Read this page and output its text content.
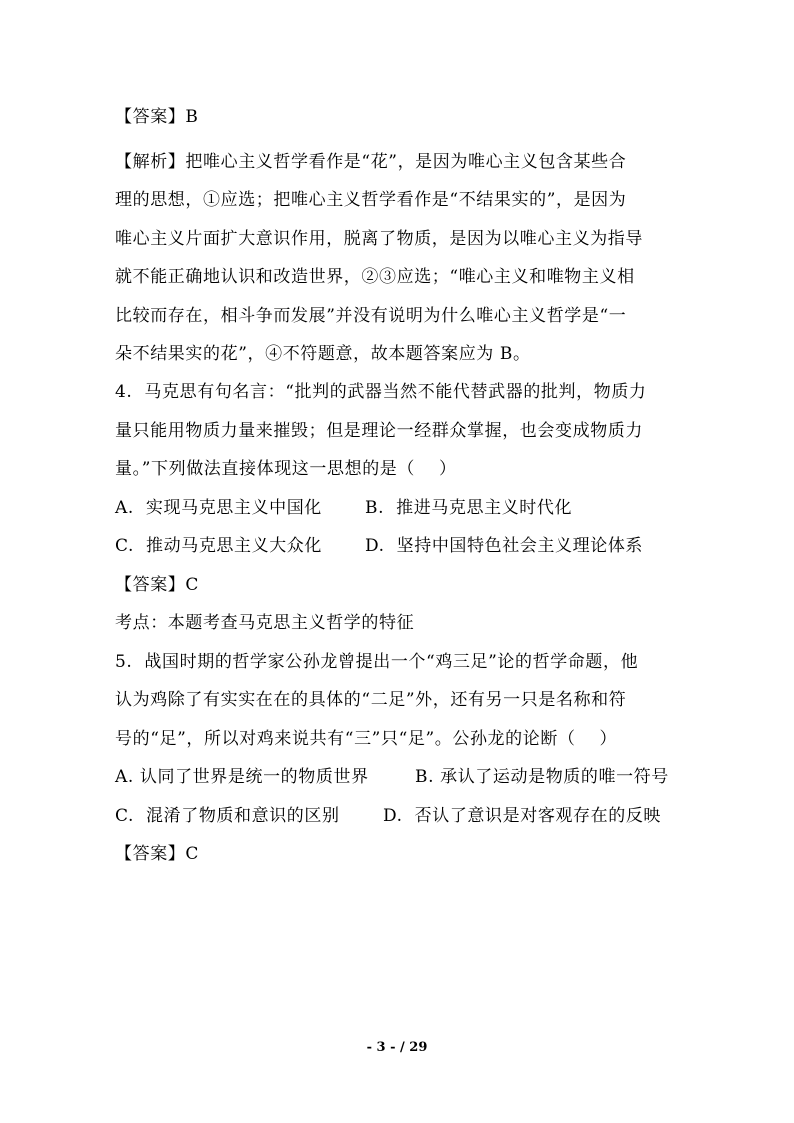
【答案】B
【解析】把唯心主义哲学看作是“花”，是因为唯心主义包含某些合
理的思想，①应选；把唯心主义哲学看作是“不结果实的”，是因为
唯心主义片面扩大意识作用，脱离了物质，是因为以唯心主义为指导
就不能正确地认识和改造世界，②③应选；“唯心主义和唯物主义相
比较而存在，相斗争而发展”并没有说明为什么唯心主义哲学是“一
朵不结果实的花”，④不符题意，故本题答案应为 B。
4.  马克思有句名言：“批判的武器当然不能代替武器的批判，物质力
量只能用物质力量来摧毁；但是理论一经群众掌握，也会变成物质力
量。”下列做法直接体现这一思想的是（    ）
A.  实现马克思主义中国化	B.  推进马克思主义时代化
C.  推动马克思主义大众化	D.  坚持中国特色社会主义理论体系
【答案】C
考点：本题考查马克思主义哲学的特征
5.  战国时期的哲学家公孙龙曾提出一个“鸡三足”论的哲学命题，他
认为鸡除了有实实在在的具体的“二足”外，还有另一只是名称和符
号的“足”，所以对鸡来说共有“三”只“足”。公孙龙的论断（    ）
A. 认同了世界是统一的物质世界	B. 承认了运动是物质的唯一符号
C.  混淆了物质和意识的区别	D.  否认了意识是对客观存在的反映
【答案】C
- 3 - / 29
